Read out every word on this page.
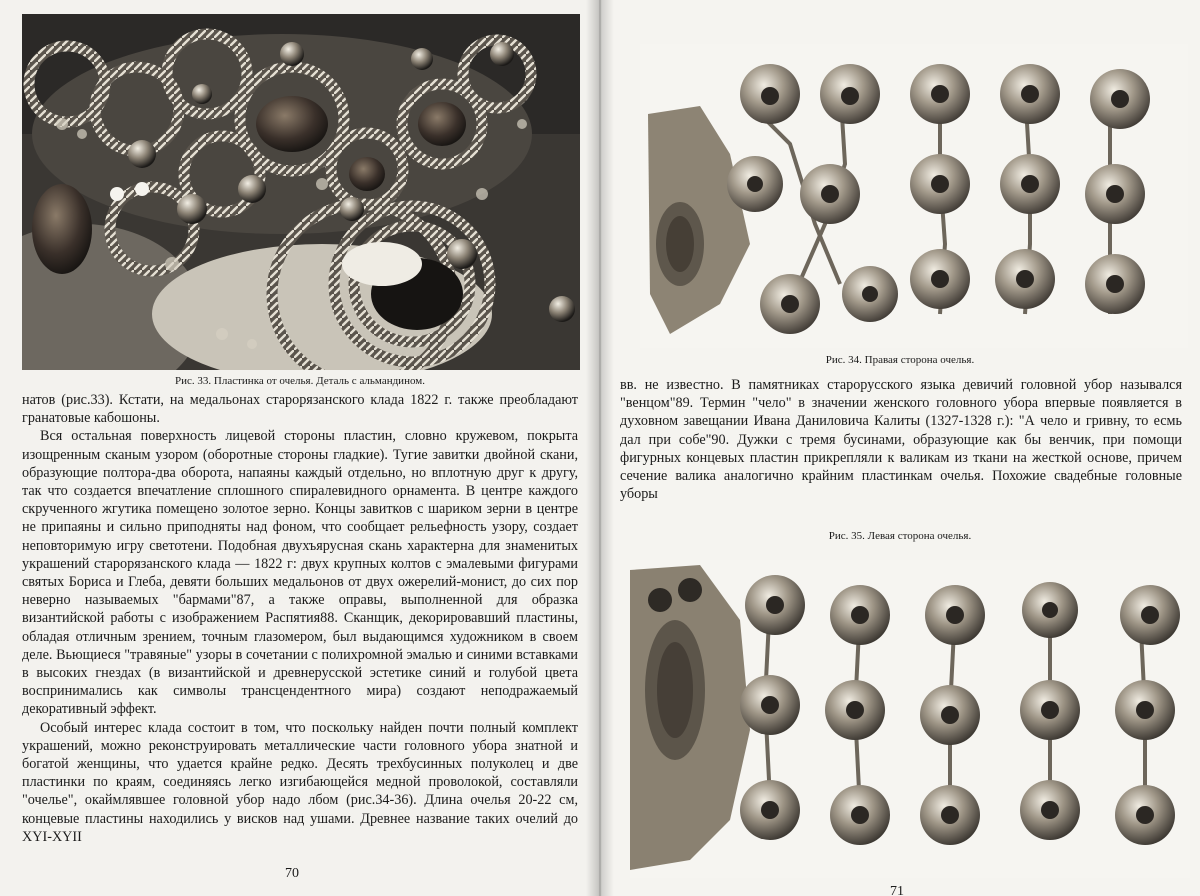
Рис. 33. Пластинка от очелья. Деталь с альмандином.

натов (рис.33). Кстати, на медальонах старорязанского клада 1822 г. также преобладают гранатовые кабошоны.

Вся остальная поверхность лицевой стороны пластин, словно кружевом, покрыта изощренным сканым узором (оборотные стороны гладкие). Тугие завитки двойной скани, образующие полтора-два оборота, напаяны каждый отдельно, но вплотную друг к другу, так что создается впечатление сплошного спиралевидного орнамента. В центре каждого скрученного жгутика помещено золотое зерно. Концы завитков с шариком зерни в центре не припаяны и сильно приподняты над фоном, что сообщает рельефность узору, создает неповторимую игру светотени. Подобная двухъярусная скань характерна для знаменитых украшений старорязанского клада — 1822 г: двух крупных колтов с эмалевыми фигурами святых Бориса и Глеба, девяти больших медальонов от двух ожерелий-монист, до сих пор неверно называемых "бармами"87, а также оправы, выполненной для образка византийской работы с изображением Распятия88. Сканщик, декорировавший пластины, обладая отличным зрением, точным глазомером, был выдающимся художником в своем деле. Вьющиеся "травяные" узоры в сочетании с полихромной эмалью и синими вставками в высоких гнездах (в византийской и древнерусской эстетике синий и голубой цвета воспринимались как символы трансцендентного мира) создают неподражаемый декоративный эффект.

Особый интерес клада состоит в том, что поскольку найден почти полный комплект украшений, можно реконструировать металлические части головного убора знатной и богатой женщины, что удается крайне редко. Десять трехбусинных полуколец и две пластинки по краям, соединяясь легко изгибающейся медной проволокой, составляли "очелье", окаймлявшее головной убор надо лбом (рис.34-36). Длина очелья 20-22 см, концевые пластины находились у висков над ушами. Древнее название таких очелий до XYI-XYII

70
Рис. 34. Правая сторона очелья.

вв. не известно. В памятниках старорусского языка девичий головной убор назывался "венцом"89. Термин "чело" в значении женского головного убора впервые появляется в духовном завещании Ивана Даниловича Калиты (1327-1328 г.): "А чело и гривну, то есмь дал при собе"90. Дужки с тремя бусинами, образующие как бы венчик, при помощи фигурных концевых пластин прикрепляли к валикам из ткани на жесткой основе, причем сечение валика аналогично крайним пластинкам очелья. Похожие свадебные головные уборы

Рис. 35. Левая сторона очелья.
71
